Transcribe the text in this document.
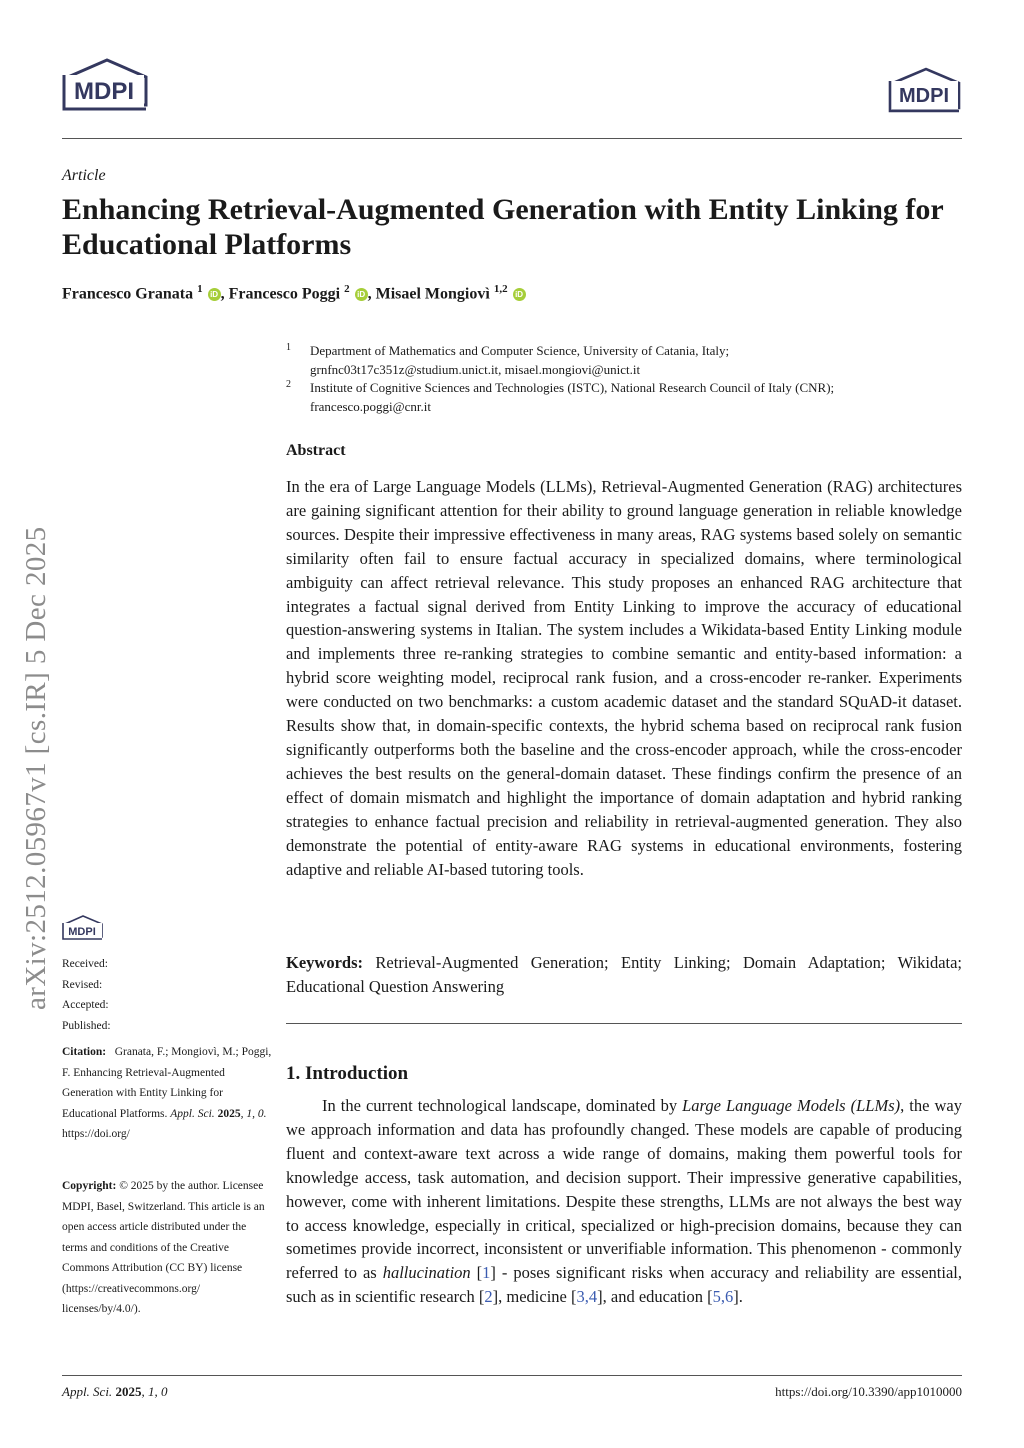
MDPI	MDPI
Article
Enhancing Retrieval-Augmented Generation with Entity Linking for Educational Platforms
Francesco Granata $^1$ iD , Francesco Poggi $^2$ iD , Misael Mongiovì $^{1,2}$ iD
1 Department of Mathematics and Computer Science, University of Catania, Italy;
grnfnc03t17c351z@studium.unict.it, misael.mongiovi@unict.it
2 Institute of Cognitive Sciences and Technologies (ISTC), National Research Council of Italy (CNR);
francesco.poggi@cnr.it
Abstract
In the era of Large Language Models (LLMs), Retrieval-Augmented Generation (RAG) architectures are gaining significant attention for their ability to ground language generation in reliable knowledge sources. Despite their impressive effectiveness in many areas, RAG systems based solely on semantic similarity often fail to ensure factual accuracy in specialized domains, where terminological ambiguity can affect retrieval relevance. This study proposes an enhanced RAG architecture that integrates a factual signal derived from Entity Linking to improve the accuracy of educational question-answering systems in Italian. The system includes a Wikidata-based Entity Linking module and implements three re-ranking strategies to combine semantic and entity-based information: a hybrid score weighting model, reciprocal rank fusion, and a cross-encoder re-ranker. Experiments were conducted on two benchmarks: a custom academic dataset and the standard SQuAD-it dataset. Results show that, in domain-specific contexts, the hybrid schema based on reciprocal rank fusion significantly outperforms both the baseline and the cross-encoder approach, while the cross-encoder achieves the best results on the general-domain dataset. These findings confirm the presence of an effect of domain mismatch and highlight the importance of domain adaptation and hybrid ranking strategies to enhance factual precision and reliability in retrieval-augmented generation. They also demonstrate the potential of entity-aware RAG systems in educational environments, fostering adaptive and reliable AI-based tutoring tools.
Keywords: Retrieval-Augmented Generation; Entity Linking; Domain Adaptation; Wikidata; Educational Question Answering
1. Introduction
In the current technological landscape, dominated by Large Language Models (LLMs), the way we approach information and data has profoundly changed. These models are capable of producing fluent and context-aware text across a wide range of domains, making them powerful tools for knowledge access, task automation, and decision support. Their impressive generative capabilities, however, come with inherent limitations. Despite these strengths, LLMs are not always the best way to access knowledge, especially in critical, specialized or high-precision domains, because they can sometimes provide incorrect, inconsistent or unverifiable information. This phenomenon - commonly referred to as hallucination [1] - poses significant risks when accuracy and reliability are essential, such as in scientific research [2], medicine [3,4], and education [5,6].
arXiv:2512.05967v1 [cs.IR] 5 Dec 2025 MDPI
Received:
Revised:
Accepted:
Published:
Citation: Granata, F.; Mongiovì, M.; Poggi, F. Enhancing Retrieval-Augmented Generation with Entity Linking for Educational Platforms. Appl. Sci. 2025, 1, 0.  https://doi.org/
Copyright: © 2025 by the author. Licensee MDPI, Basel, Switzerland. This article is an open access article distributed under the terms and conditions of the Creative Commons Attribution (CC BY) license (https://creativecommons.org/ licenses/by/4.0/).
Appl. Sci. 2025, 1, 0	https://doi.org/10.3390/app1010000
